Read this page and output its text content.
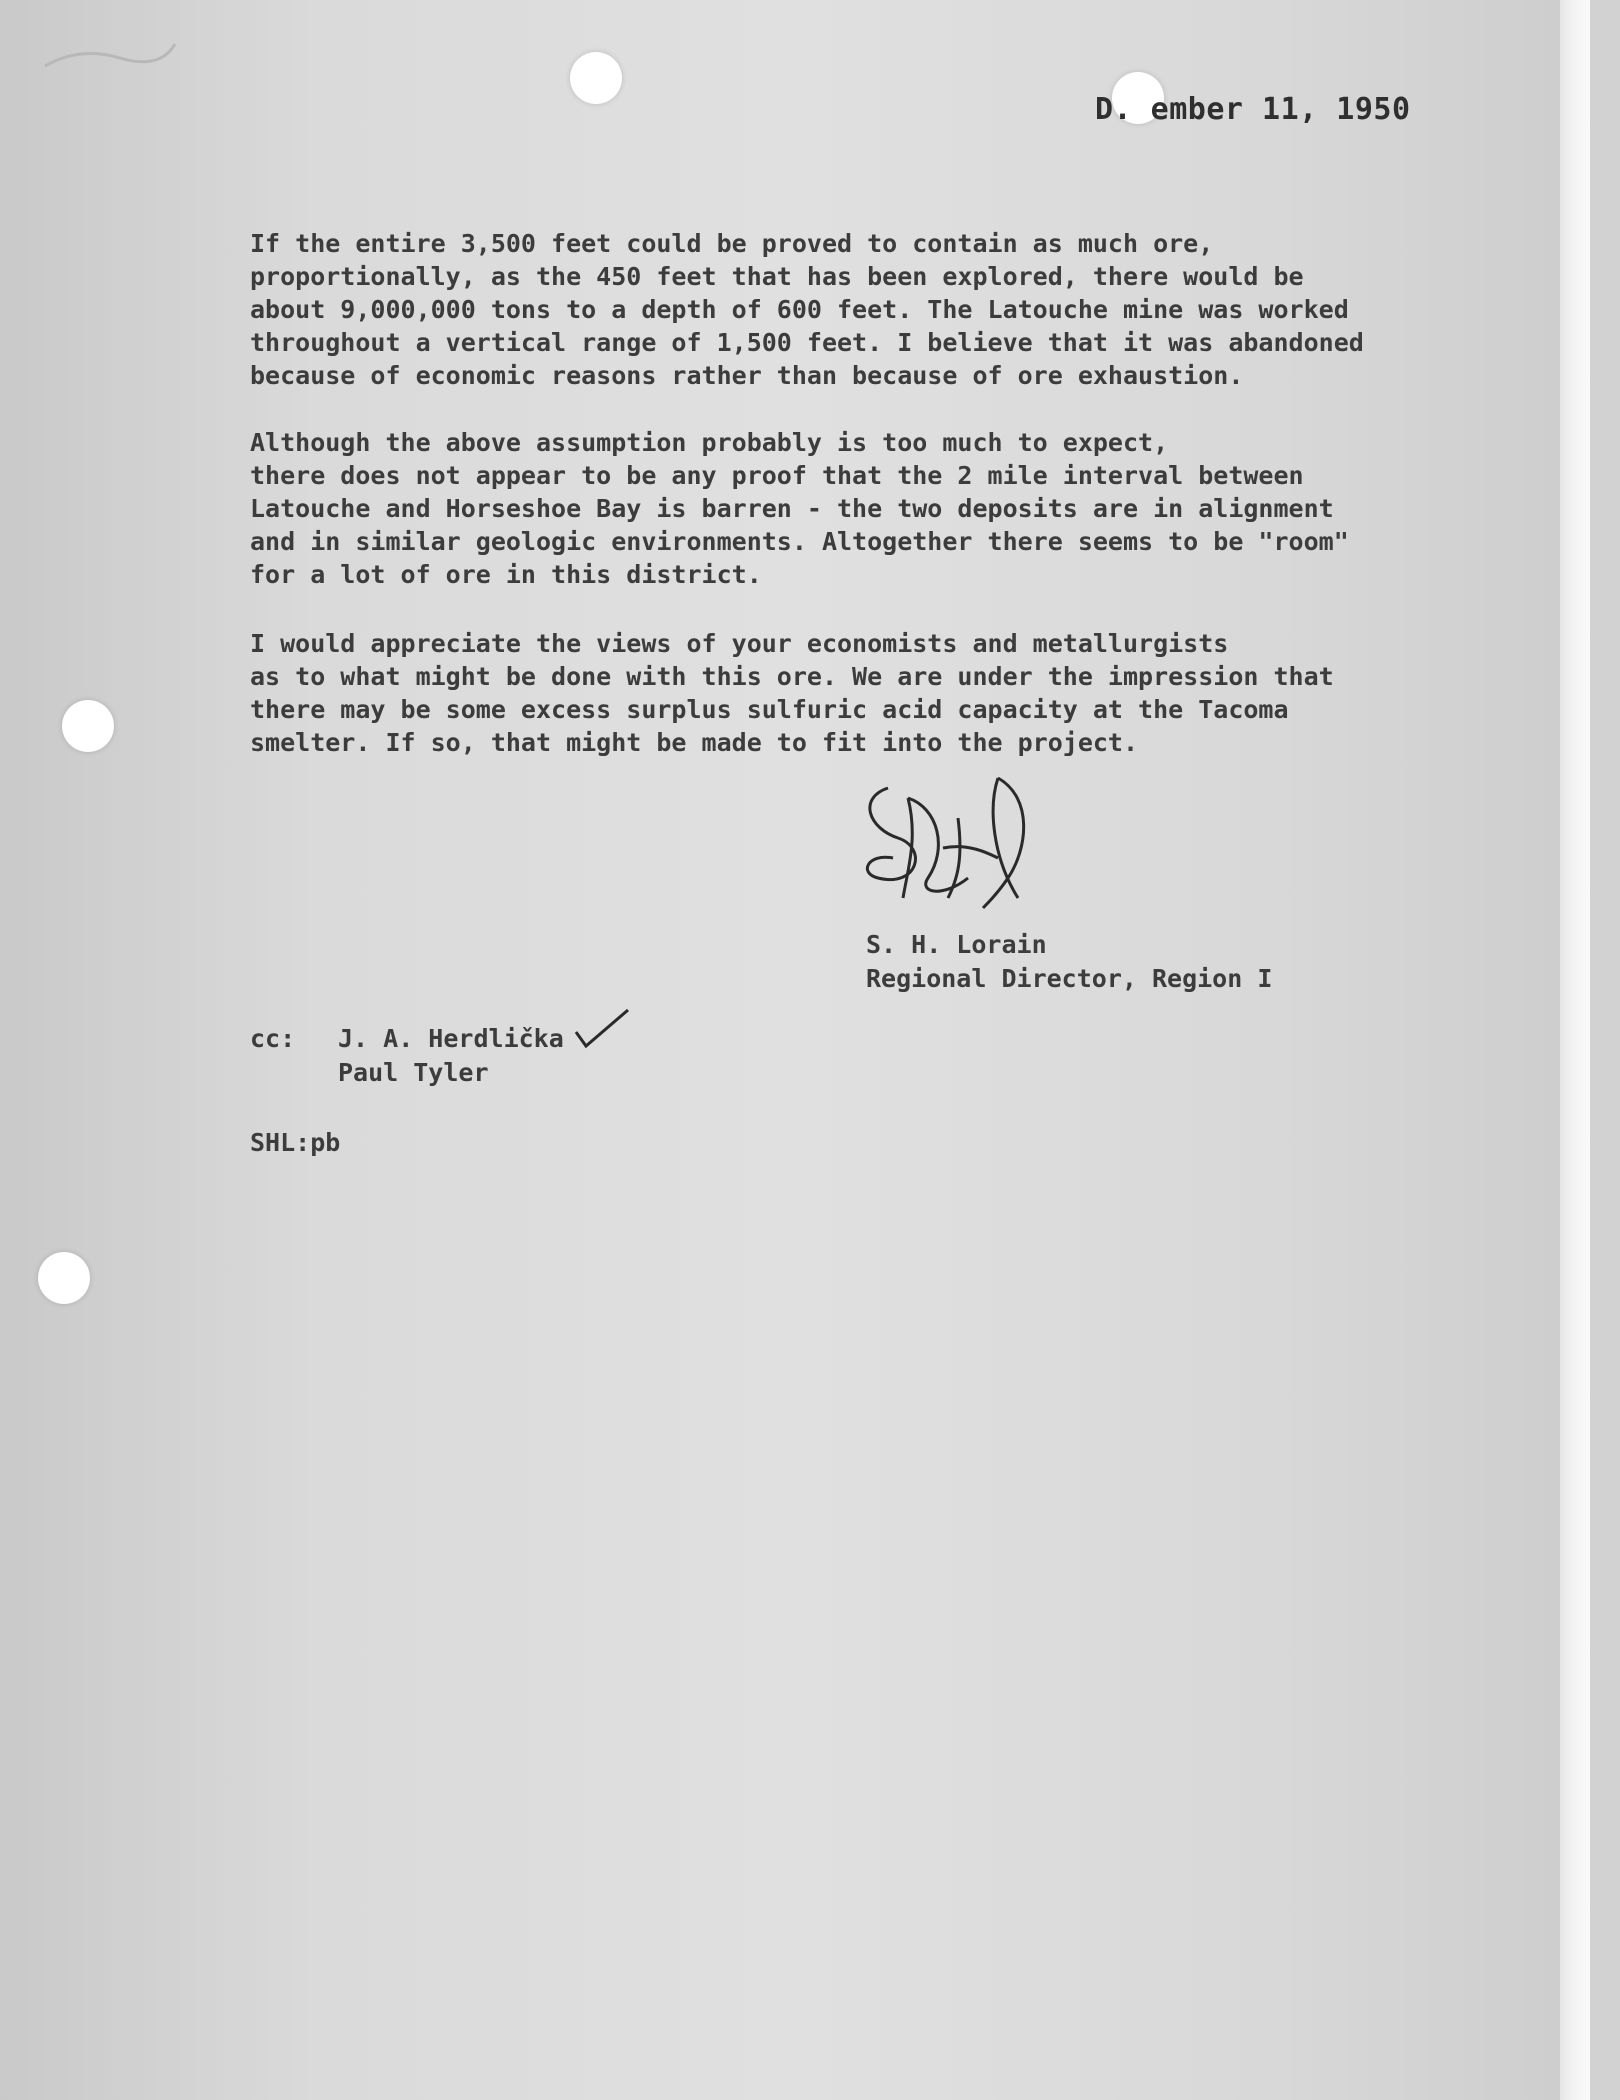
D. ember 11, 1950

If the entire 3,500 feet could be proved to contain as much ore,
proportionally, as the 450 feet that has been explored, there would be
about 9,000,000 tons to a depth of 600 feet. The Latouche mine was worked
throughout a vertical range of 1,500 feet. I believe that it was abandoned
because of economic reasons rather than because of ore exhaustion.

Although the above assumption probably is too much to expect,
there does not appear to be any proof that the 2 mile interval between
Latouche and Horseshoe Bay is barren - the two deposits are in alignment
and in similar geologic environments. Altogether there seems to be "room"
for a lot of ore in this district.

I would appreciate the views of your economists and metallurgists
as to what might be done with this ore. We are under the impression that
there may be some excess surplus sulfuric acid capacity at the Tacoma
smelter. If so, that might be made to fit into the project.

S. H. Lorain
Regional Director, Region I
cc: J. A. Herdlička
Paul Tyler
SHL:pb
